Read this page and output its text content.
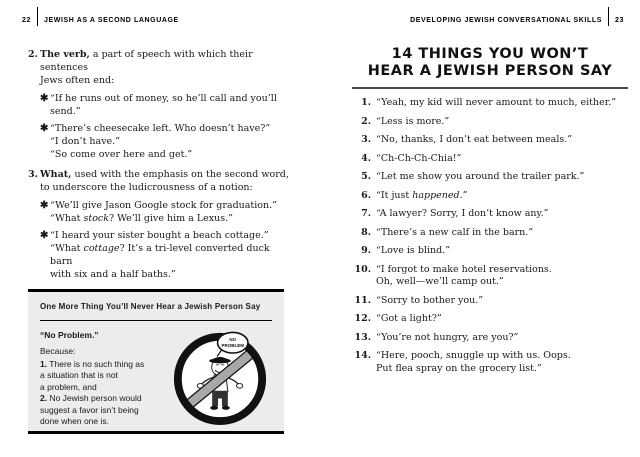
22 JEWISH AS A SECOND LANGUAGE	DEVELOPING JEWISH CONVERSATIONAL SKILLS 23
2. The verb, a part of speech with which their sentences
Jews often end:
✱ “If he runs out of money, so he’ll call and you’ll send.”
✱ “There’s cheesecake left. Who doesn’t have?”
“I don’t have.”
“So come over here and get.”
3. What, used with the emphasis on the second word,
to underscore the ludicrousness of a notion:
✱ “We’ll give Jason Google stock for graduation.”
“What stock? We’ll give him a Lexus.”
✱ “I heard your sister bought a beach cottage.”
“What cottage? It’s a tri-level converted duck barn
with six and a half baths.”
One More Thing You’ll Never Hear a Jewish Person Say
“No Problem.”
Because:
1. There is no such thing as
a situation that is not
a problem, and
2. No Jewish person would
suggest a favor isn’t being
done when one is.
NO
PROBLEM
14 THINGS YOU WON’T
HEAR A JEWISH PERSON SAY
1. “Yeah, my kid will never amount to much, either.”
2. “Less is more.”
3. “No, thanks, I don’t eat between meals.”
4. “Ch-Ch-Ch-Chia!”
5. “Let me show you around the trailer park.”
6. “It just happened.”
7. “A lawyer? Sorry, I don’t know any.”
8. “There’s a new calf in the barn.”
9. “Love is blind.”
10. “I forgot to make hotel reservations.
Oh, well—we’ll camp out.”
11. “Sorry to bother you.”
12. “Got a light?”
13. “You’re not hungry, are you?”
14. “Here, pooch, snuggle up with us. Oops.
Put flea spray on the grocery list.”
